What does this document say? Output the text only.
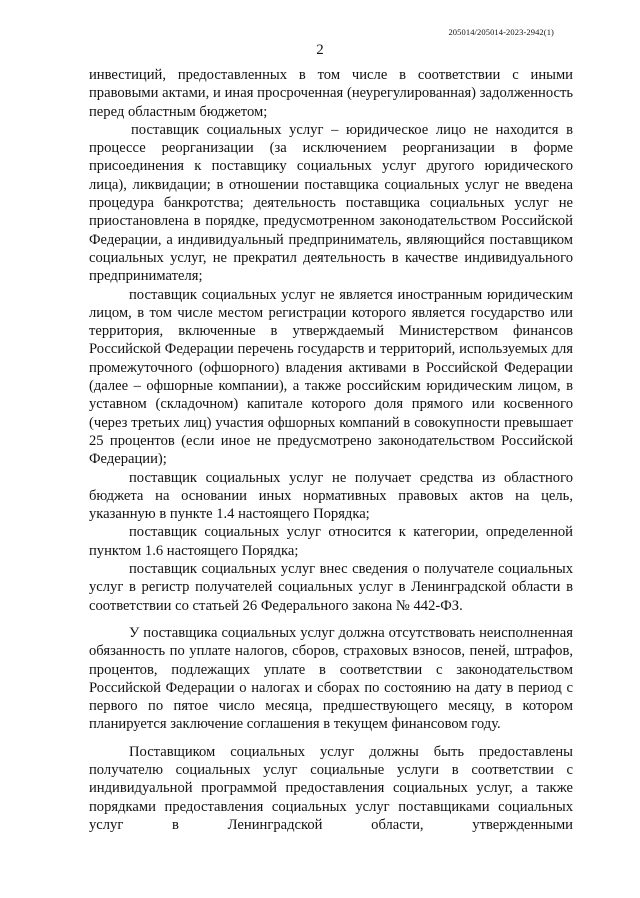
205014/205014-2023-2942(1)
2

инвестиций, предоставленных в том числе в соответствии с иными правовыми актами, и иная просроченная (неурегулированная) задолженность перед областным бюджетом;

поставщик социальных услуг – юридическое лицо не находится в процессе реорганизации (за исключением реорганизации в форме присоединения к поставщику социальных услуг другого юридического лица), ликвидации; в отношении поставщика социальных услуг не введена процедура банкротства; деятельность поставщика социальных услуг не приостановлена в порядке, предусмотренном законодательством Российской Федерации, а индивидуальный предприниматель, являющийся поставщиком социальных услуг, не прекратил деятельность в качестве индивидуального предпринимателя;

поставщик социальных услуг не является иностранным юридическим лицом, в том числе местом регистрации которого является государство или территория, включенные в утверждаемый Министерством финансов Российской Федерации перечень государств и территорий, используемых для промежуточного (офшорного) владения активами в Российской Федерации (далее – офшорные компании), а также российским юридическим лицом, в уставном (складочном) капитале которого доля прямого или косвенного (через третьих лиц) участия офшорных компаний в совокупности превышает 25 процентов (если иное не предусмотрено законодательством Российской Федерации);

поставщик социальных услуг не получает средства из областного бюджета на основании иных нормативных правовых актов на цель, указанную в пункте 1.4 настоящего Порядка;

поставщик социальных услуг относится к категории, определенной пунктом 1.6 настоящего Порядка;

поставщик социальных услуг внес сведения о получателе социальных услуг в регистр получателей социальных услуг в Ленинградской области в соответствии со статьей 26 Федерального закона № 442-ФЗ.

У поставщика социальных услуг должна отсутствовать неисполненная обязанность по уплате налогов, сборов, страховых взносов, пеней, штрафов, процентов, подлежащих уплате в соответствии с законодательством Российской Федерации о налогах и сборах по состоянию на дату в период с первого по пятое число месяца, предшествующего месяцу, в котором планируется заключение соглашения в текущем финансовом году.

Поставщиком социальных услуг должны быть предоставлены получателю социальных услуг социальные услуги в соответствии с индивидуальной программой предоставления социальных услуг, а также порядками предоставления социальных услуг поставщиками социальных услуг в Ленинградской области, утвержденными
